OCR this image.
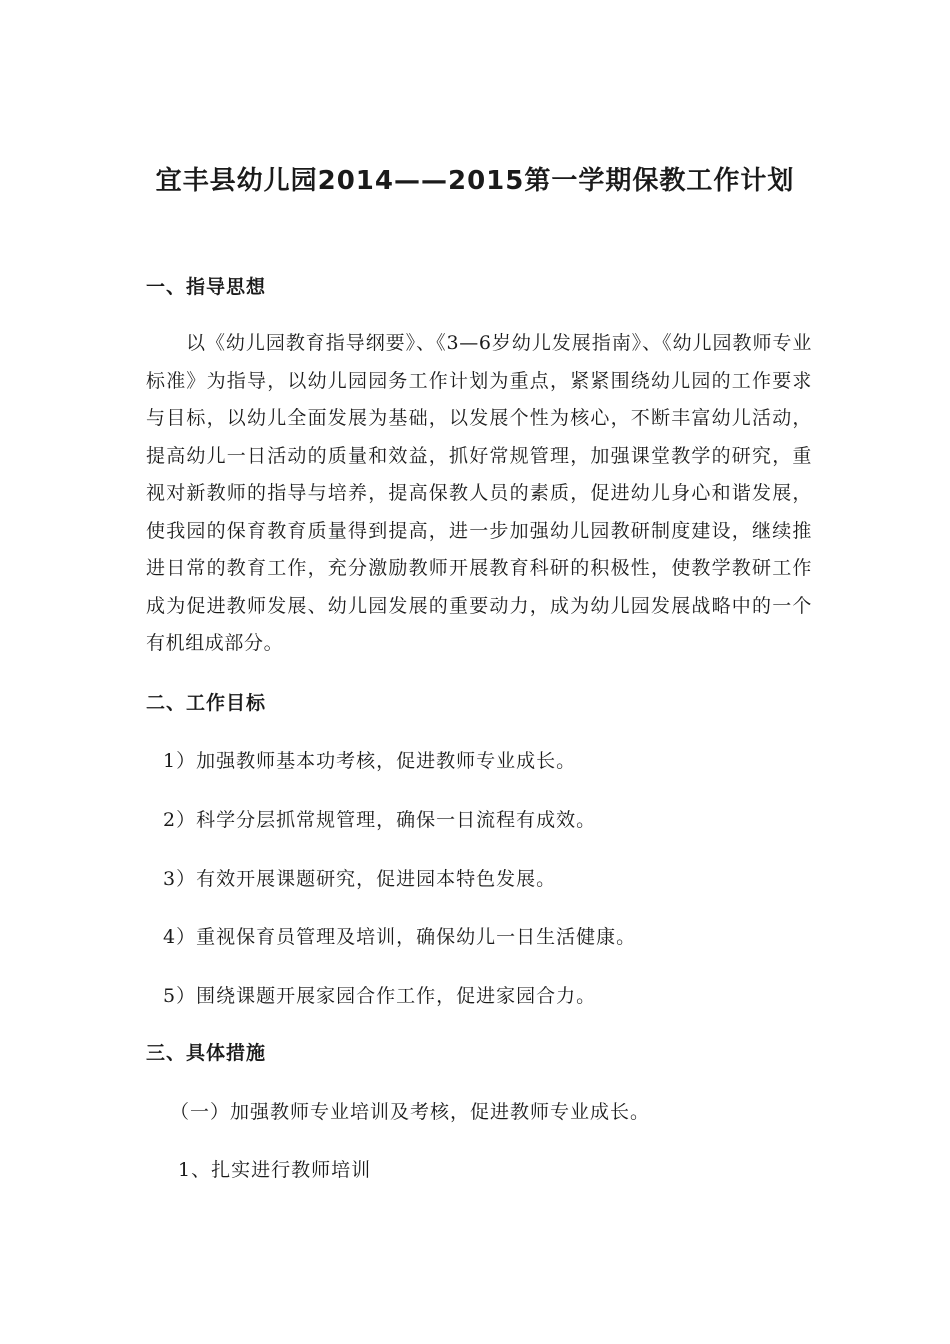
宜丰县幼儿园2014——2015第一学期保教工作计划
一、指导思想
以《幼儿园教育指导纲要》、《3—6岁幼儿发展指南》、《幼儿园教师专业标准》为指导，以幼儿园园务工作计划为重点，紧紧围绕幼儿园的工作要求与目标，以幼儿全面发展为基础，以发展个性为核心，不断丰富幼儿活动，提高幼儿一日活动的质量和效益，抓好常规管理，加强课堂教学的研究，重视对新教师的指导与培养，提高保教人员的素质，促进幼儿身心和谐发展，使我园的保育教育质量得到提高，进一步加强幼儿园教研制度建设，继续推进日常的教育工作，充分激励教师开展教育科研的积极性，使教学教研工作成为促进教师发展、幼儿园发展的重要动力，成为幼儿园发展战略中的一个有机组成部分。
二、工作目标
1）加强教师基本功考核，促进教师专业成长。
2）科学分层抓常规管理，确保一日流程有成效。
3）有效开展课题研究，促进园本特色发展。
4）重视保育员管理及培训，确保幼儿一日生活健康。
5）围绕课题开展家园合作工作，促进家园合力。
三、具体措施
（一）加强教师专业培训及考核，促进教师专业成长。
1、扎实进行教师培训
